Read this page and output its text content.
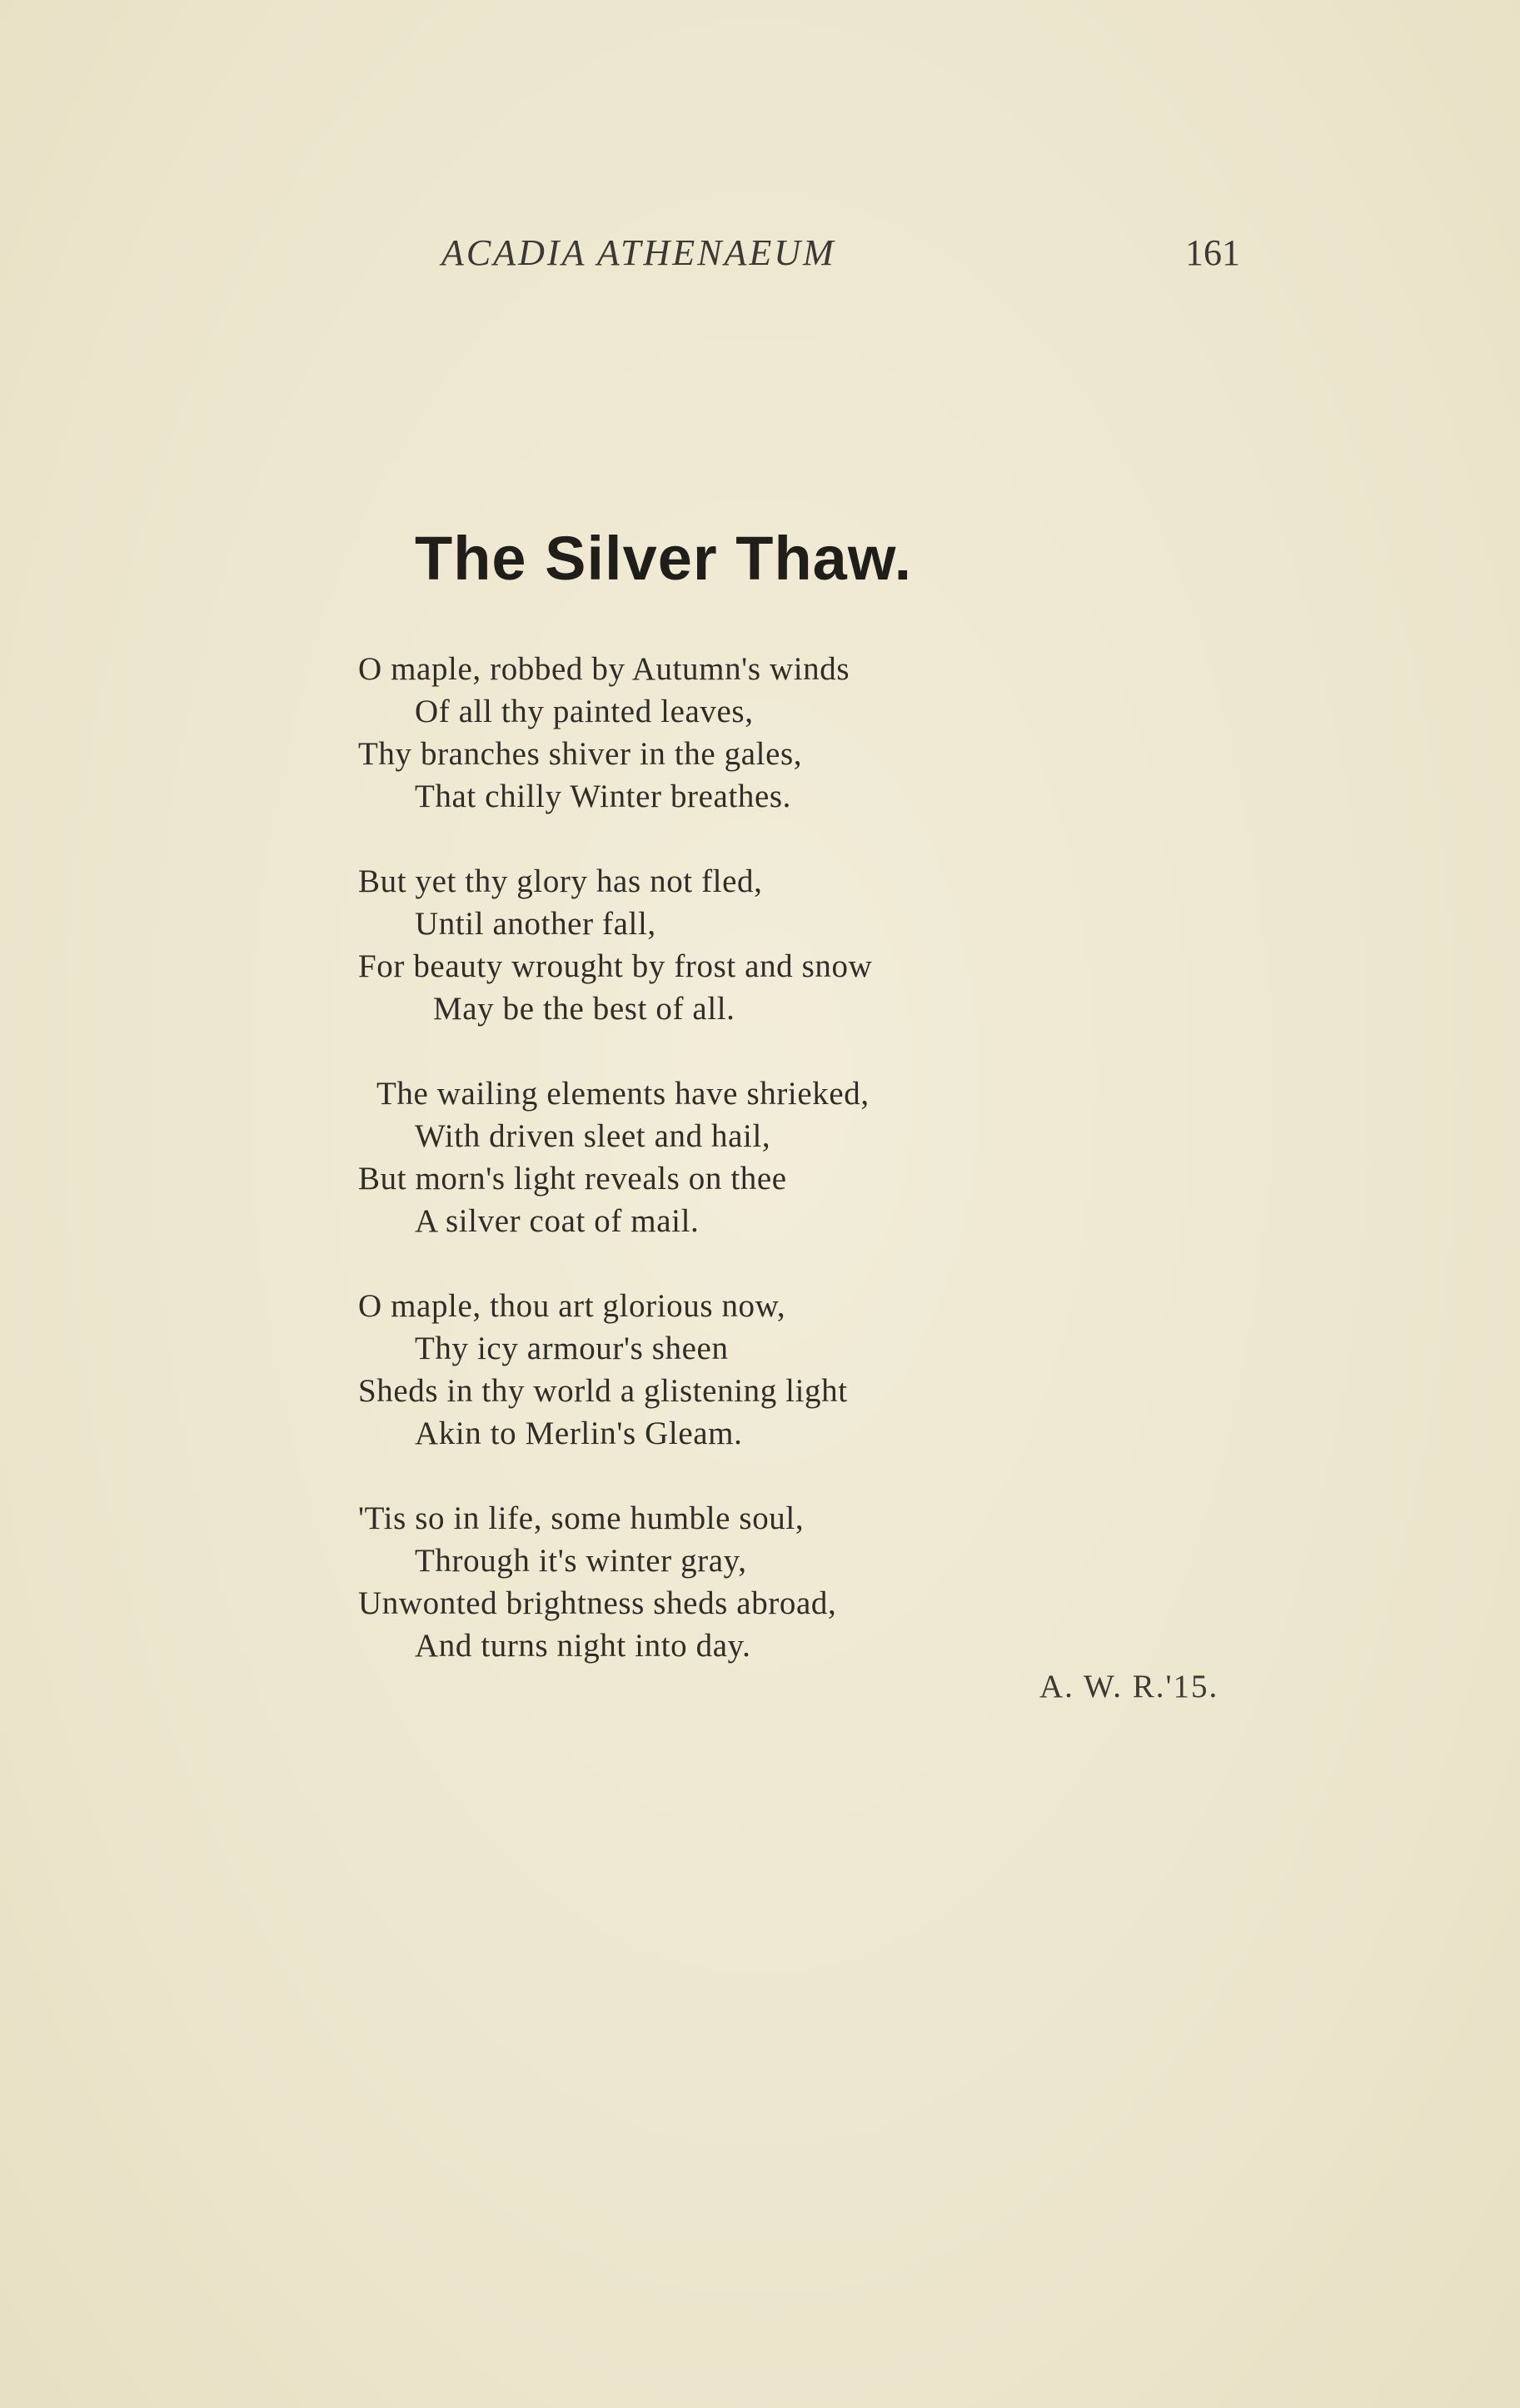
ACADIA ATHENAEUM	161
The Silver Thaw.
O maple, robbed by Autumn's winds
Of all thy painted leaves,
Thy branches shiver in the gales,
That chilly Winter breathes.
But yet thy glory has not fled,
Until another fall,
For beauty wrought by frost and snow
May be the best of all.
The wailing elements have shrieked,
With driven sleet and hail,
But morn's light reveals on thee
A silver coat of mail.
O maple, thou art glorious now,
Thy icy armour's sheen
Sheds in thy world a glistening light
Akin to Merlin's Gleam.
'Tis so in life, some humble soul,
Through it's winter gray,
Unwonted brightness sheds abroad,
And turns night into day.
A. W. R.'15.
